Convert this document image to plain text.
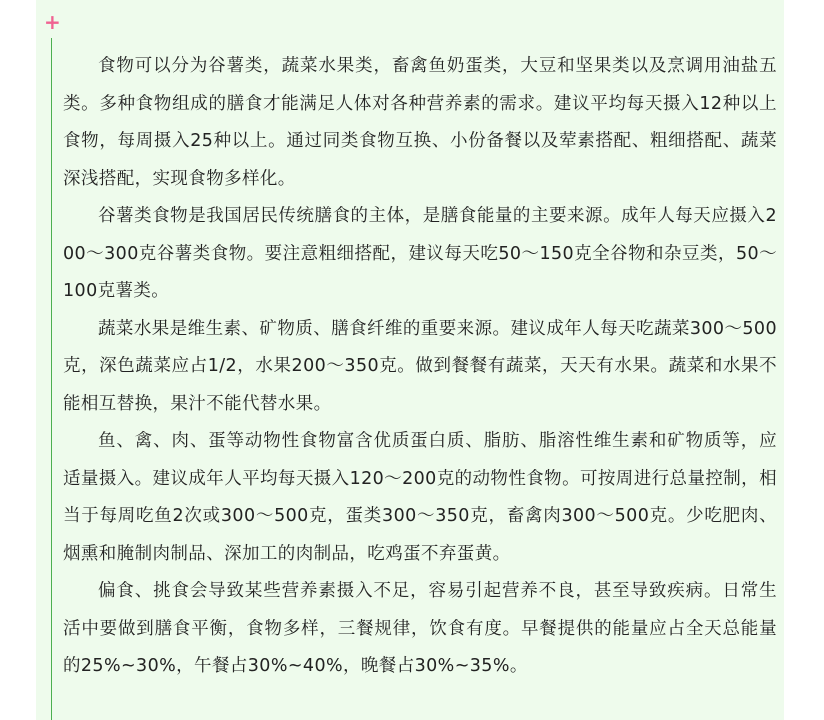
+

食物可以分为谷薯类，蔬菜水果类，畜禽鱼奶蛋类，大豆和坚果类以及烹调用油盐五类。多种食物组成的膳食才能满足人体对各种营养素的需求。建议平均每天摄入12种以上食物，每周摄入25种以上。通过同类食物互换、小份备餐以及荤素搭配、粗细搭配、蔬菜深浅搭配，实现食物多样化。

谷薯类食物是我国居民传统膳食的主体，是膳食能量的主要来源。成年人每天应摄入200～300克谷薯类食物。要注意粗细搭配，建议每天吃50～150克全谷物和杂豆类，50～100克薯类。

蔬菜水果是维生素、矿物质、膳食纤维的重要来源。建议成年人每天吃蔬菜300～500克，深色蔬菜应占1/2，水果200～350克。做到餐餐有蔬菜，天天有水果。蔬菜和水果不能相互替换，果汁不能代替水果。

鱼、禽、肉、蛋等动物性食物富含优质蛋白质、脂肪、脂溶性维生素和矿物质等，应适量摄入。建议成年人平均每天摄入120～200克的动物性食物。可按周进行总量控制，相当于每周吃鱼2次或300～500克，蛋类300～350克，畜禽肉300～500克。少吃肥肉、烟熏和腌制肉制品、深加工的肉制品，吃鸡蛋不弃蛋黄。

偏食、挑食会导致某些营养素摄入不足，容易引起营养不良，甚至导致疾病。日常生活中要做到膳食平衡，食物多样，三餐规律，饮食有度。早餐提供的能量应占全天总能量的25%~30%，午餐占30%~40%，晚餐占30%~35%。
